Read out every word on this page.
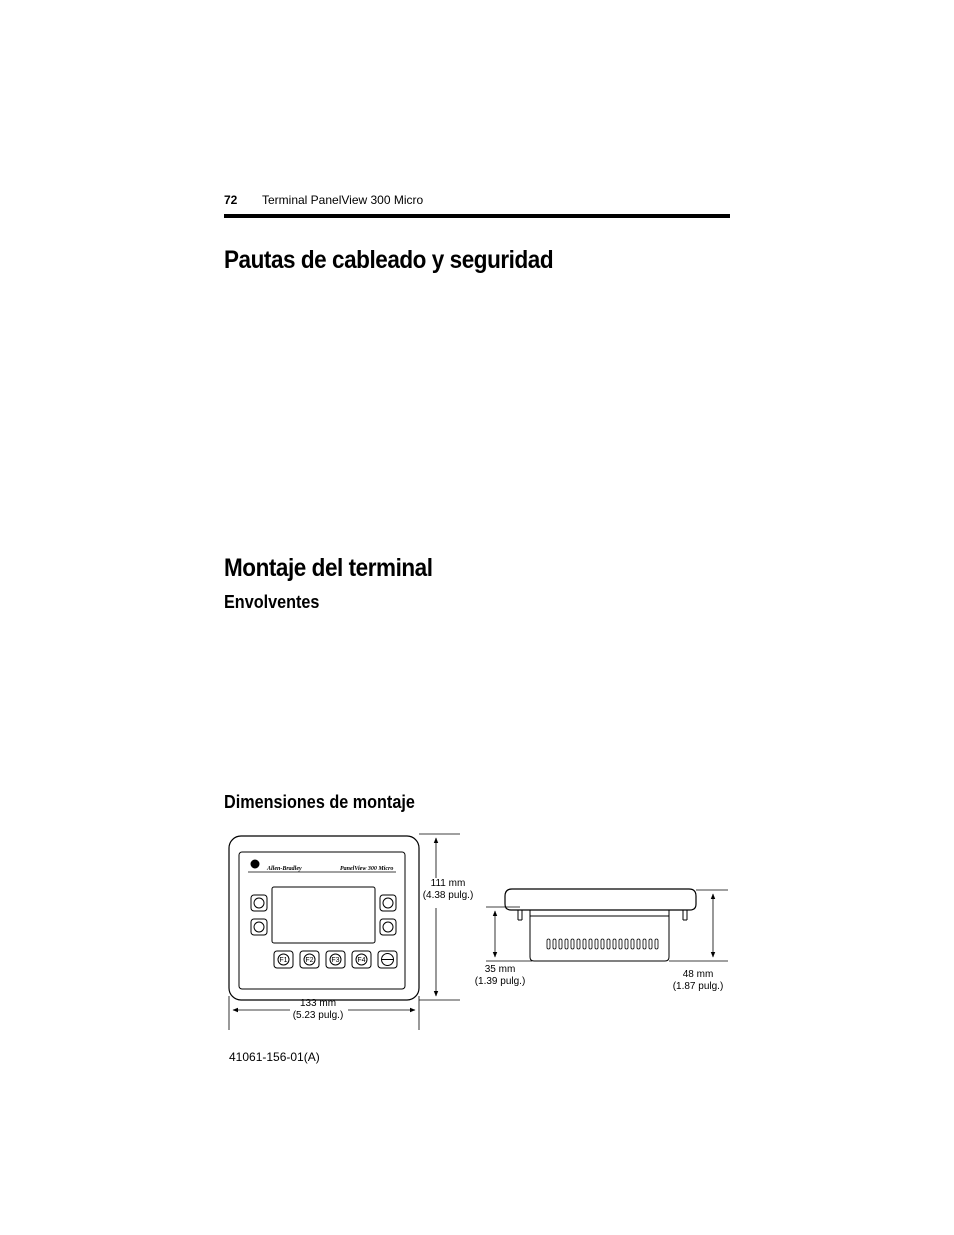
72 Terminal PanelView 300 Micro
Pautas de cableado y seguridad
Montaje del terminal
Envolventes
Dimensiones de montaje
Allen-Bradley	PanelView 300 Micro
F1	F2	F3	F4
111 mm
(4.38 pulg.)
133 mm
(5.23 pulg.)
35 mm
(1.39 pulg.)
48 mm
(1.87 pulg.)
41061-156-01(A)
